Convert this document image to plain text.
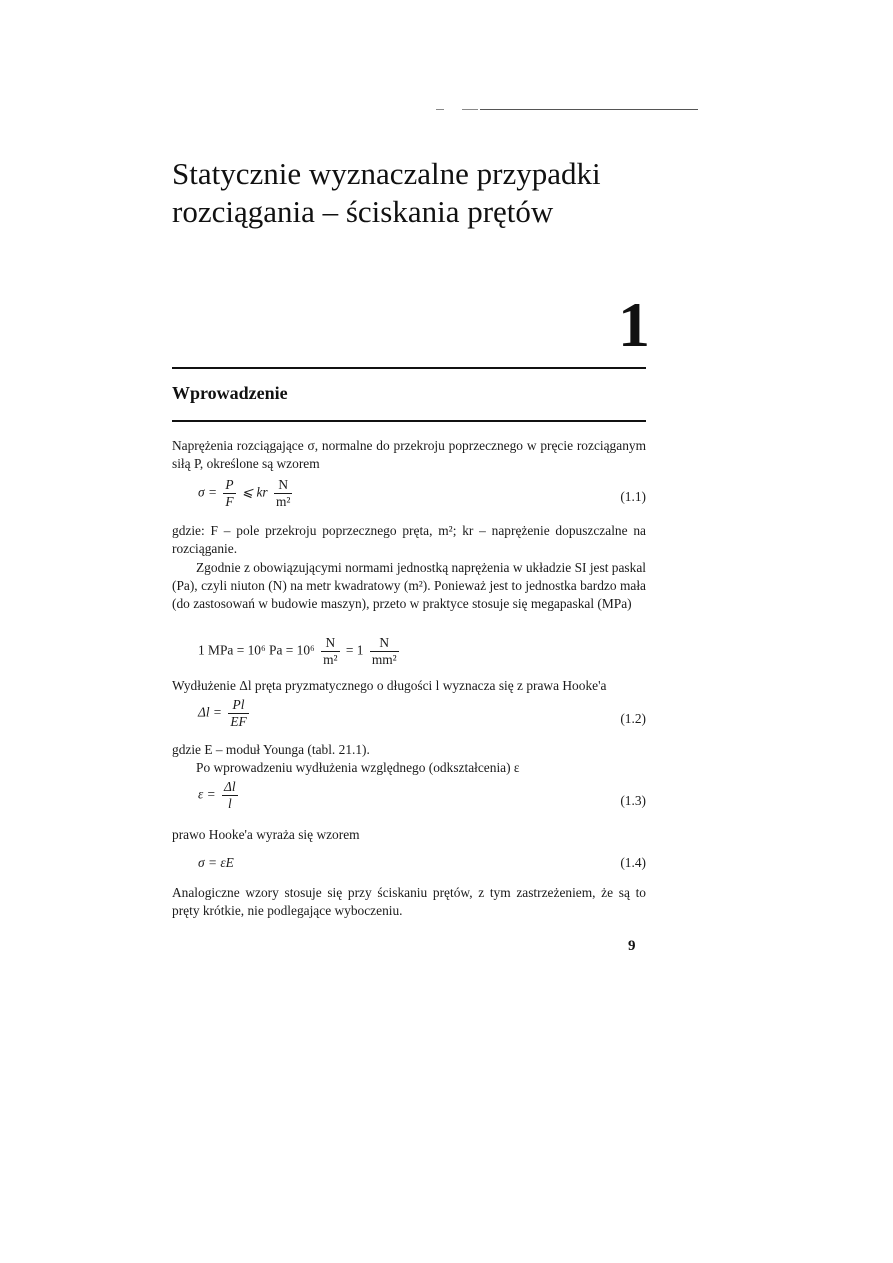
Statycznie wyznaczalne przypadki
rozciągania – ściskania prętów
1
Wprowadzenie
Naprężenia rozciągające σ, normalne do przekroju poprzecznego w pręcie rozciąganym siłą P, określone są wzorem
$\sigma = \frac{P}{F}$ ⩽ kr $\frac{N}{\text{m²}}$	(1.1)
gdzie: F – pole przekroju poprzecznego pręta, m²; kr – naprężenie dopuszczalne na rozciąganie.
Zgodnie z obowiązującymi normami jednostką naprężenia w układzie SI jest paskal (Pa), czyli niuton (N) na metr kwadratowy (m²). Ponieważ jest to jednostka bardzo mała (do zastosowań w budowie maszyn), przeto w praktyce stosuje się megapaskal (MPa)
1 MPa = 10⁶ $Pa = 10^6 \frac{N}{\text{m²}} = 1 \frac{N}{\text{mm²}}$
Wydłużenie Δl pręta pryzmatycznego o długości l wyznacza się z prawa Hooke'a
$\Delta l = \frac{Pl}{EF}$	(1.2)
gdzie E – moduł Younga (tabl. 21.1).
Po wprowadzeniu wydłużenia względnego (odkształcenia) ε
$\varepsilon = \frac{\Delta l}{l}$	(1.3)
prawo Hooke'a wyraża się wzorem
σ = εE	(1.4)
Analogiczne wzory stosuje się przy ściskaniu prętów, z tym zastrzeżeniem, że są to pręty krótkie, nie podlegające wyboczeniu.
9
